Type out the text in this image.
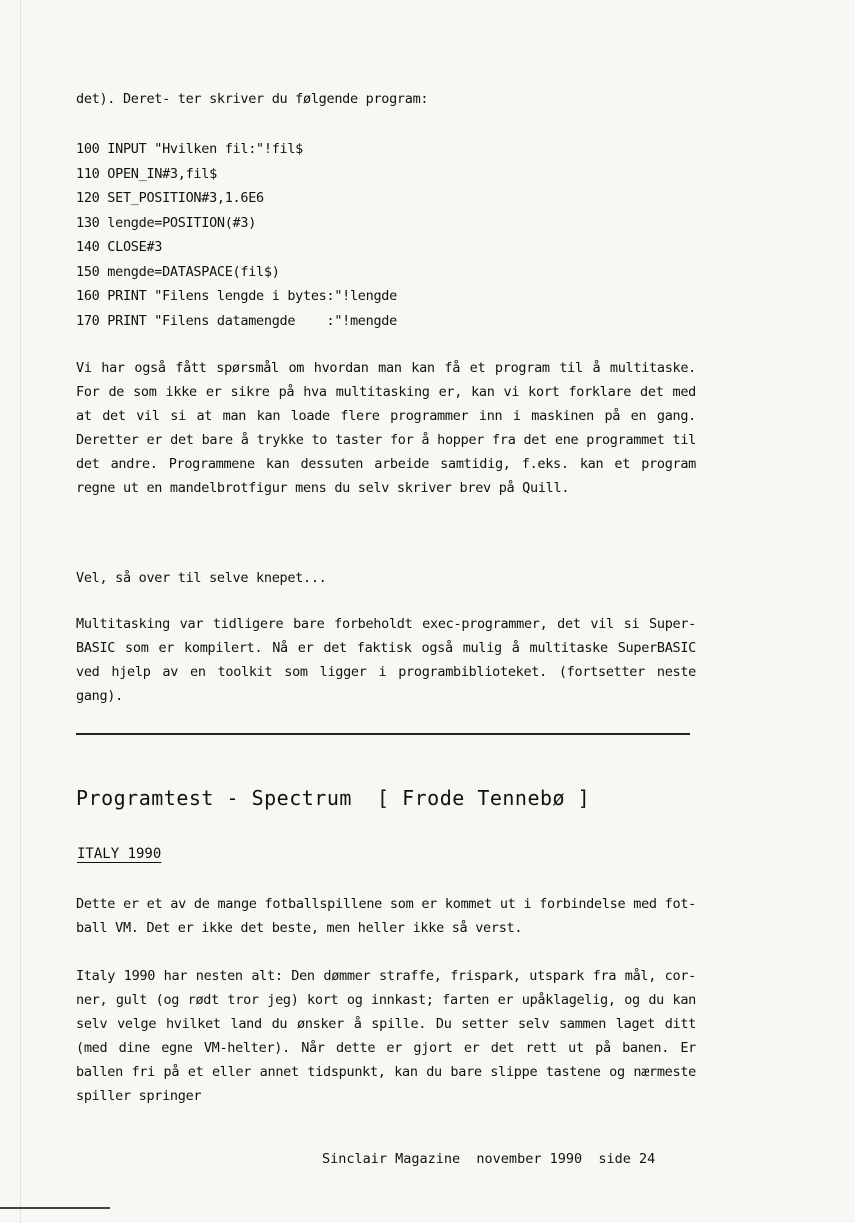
det). Deret- ter skriver du følgende program:

100 INPUT "Hvilken fil:"!fil$

110 OPEN_IN#3,fil$

120 SET_POSITION#3,1.6E6

130 lengde=POSITION(#3)

140 CLOSE#3

150 mengde=DATASPACE(fil$)

160 PRINT "Filens lengde i bytes:"!lengde

170 PRINT "Filens datamengde    :"!mengde

Vi har også fått spørsmål om hvordan man kan få et program til å multitaske. For de som ikke er sikre på hva multitasking er, kan vi kort forklare det med at det vil si at man kan loade flere programmer inn i maskinen på en gang. Deretter er det bare å trykke to taster for å hopper fra det ene programmet til det andre. Programmene kan dessuten arbeide samtidig, f.eks. kan et program regne ut en mandelbrotfigur mens du selv skriver brev på Quill.

Vel, så over til selve knepet...

Multitasking var tidligere bare forbeholdt exec-programmer, det vil si Super- BASIC som er kompilert. Nå er det faktisk også mulig å multitaske SuperBASIC ved hjelp av en toolkit som ligger i programbiblioteket. (fortsetter neste gang).

Programtest - Spectrum  [ Frode Tennebø ]
ITALY 1990

Dette er et av de mange fotballspillene som er kommet ut i forbindelse med fot- ball VM. Det er ikke det beste, men heller ikke så verst.

Italy 1990 har nesten alt: Den dømmer straffe, frispark, utspark fra mål, cor- ner, gult (og rødt tror jeg) kort og innkast; farten er upåklagelig, og du kan selv velge hvilket land du ønsker å spille. Du setter selv sammen laget ditt (med dine egne VM-helter). Når dette er gjort er det rett ut på banen. Er ballen fri på et eller annet tidspunkt, kan du bare slippe tastene og nærmeste spiller springer

Sinclair Magazine  november 1990  side 24
